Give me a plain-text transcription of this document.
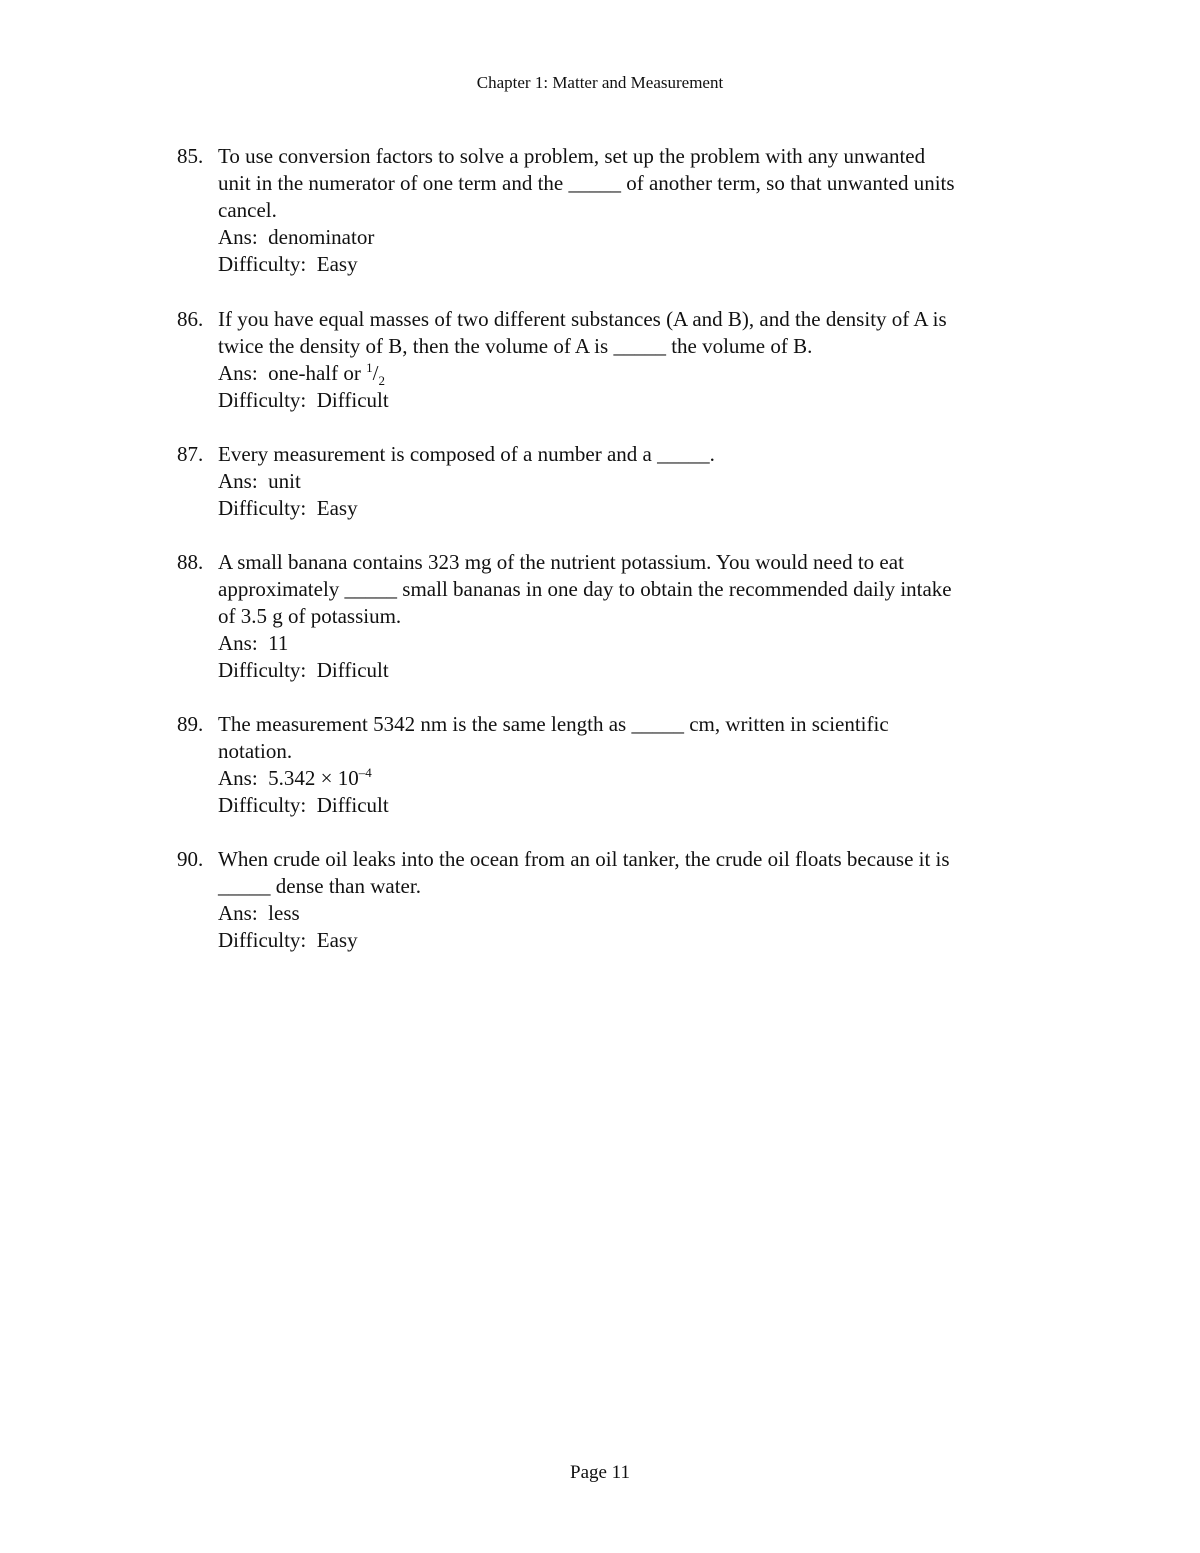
Chapter 1: Matter and Measurement
85. To use conversion factors to solve a problem, set up the problem with any unwanted
unit in the numerator of one term and the _____ of another term, so that unwanted units
cancel.
Ans:  denominator
Difficulty:  Easy
86. If you have equal masses of two different substances (A and B), and the density of A is
twice the density of B, then the volume of A is _____ the volume of B.
Ans:  one-half or $^1/_2$
Difficulty:  Difficult
87. Every measurement is composed of a number and a _____.
Ans:  unit
Difficulty:  Easy
88. A small banana contains 323 mg of the nutrient potassium. You would need to eat
approximately _____ small bananas in one day to obtain the recommended daily intake
of 3.5 g of potassium.
Ans:  11
Difficulty:  Difficult
89. The measurement 5342 nm is the same length as _____ cm, written in scientific
notation.
Ans:  $5.342 \times 10^{-4}$
Difficulty:  Difficult
90. When crude oil leaks into the ocean from an oil tanker, the crude oil floats because it is
_____ dense than water.
Ans:  less
Difficulty:  Easy
Page 11
